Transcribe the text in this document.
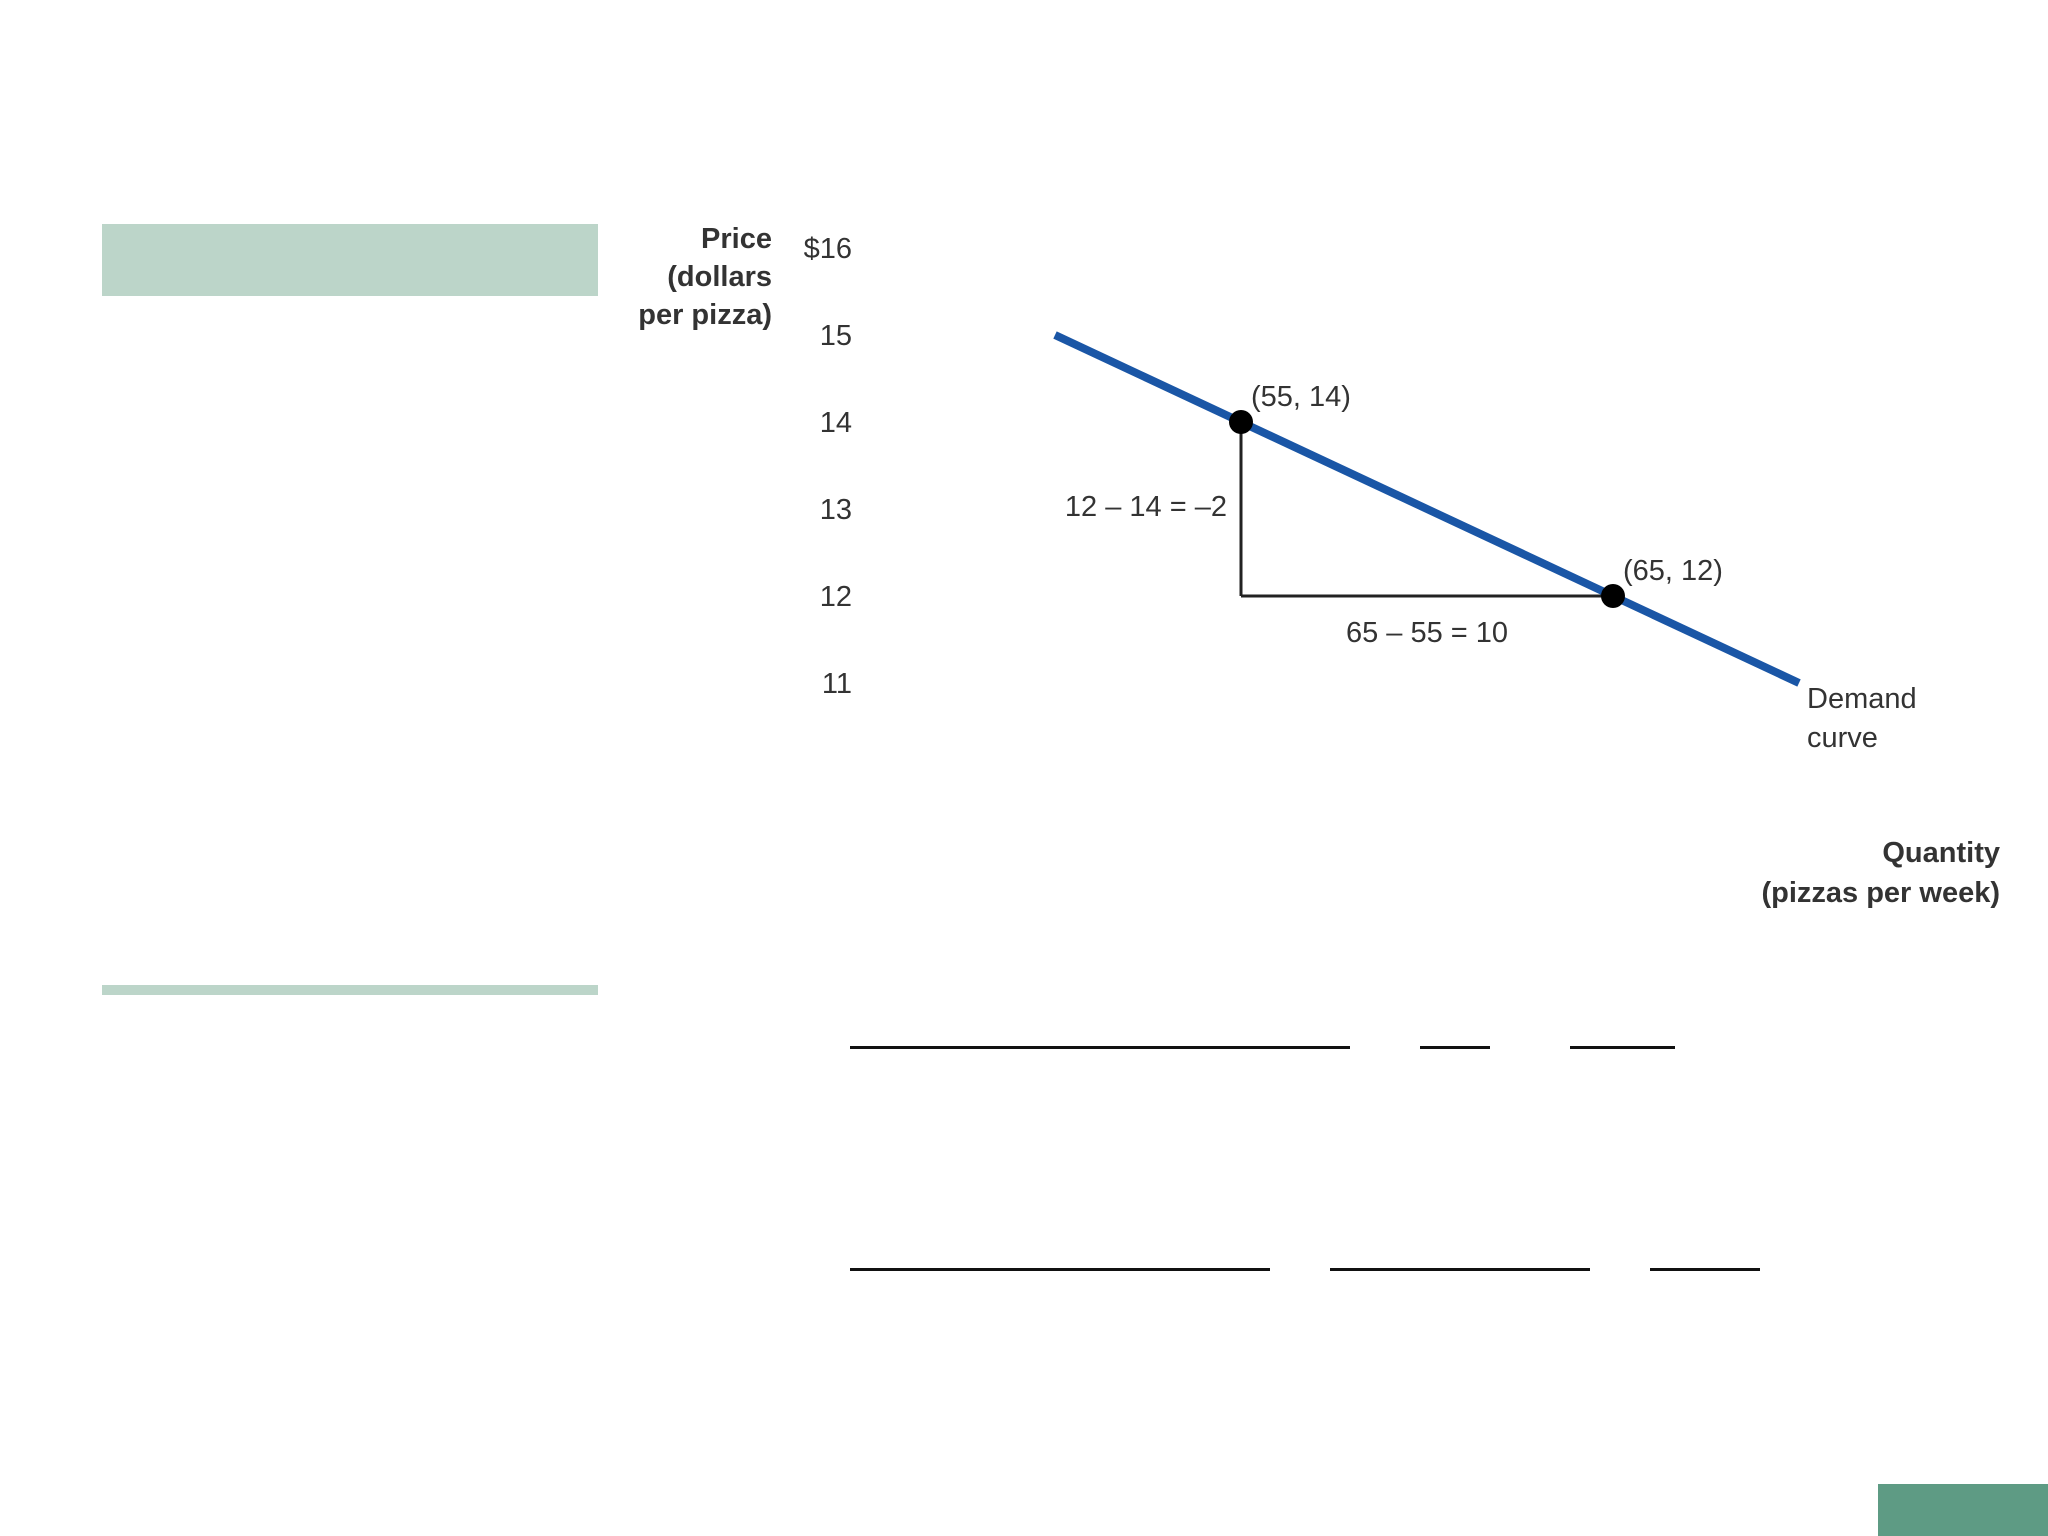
11
12
13
14
15
$16
Price
(dollars
per pizza)
Quantity
(pizzas per week)
Demand
curve
(55, 14)
(65, 12)
12 – 14 = –2
65 – 55 = 10
